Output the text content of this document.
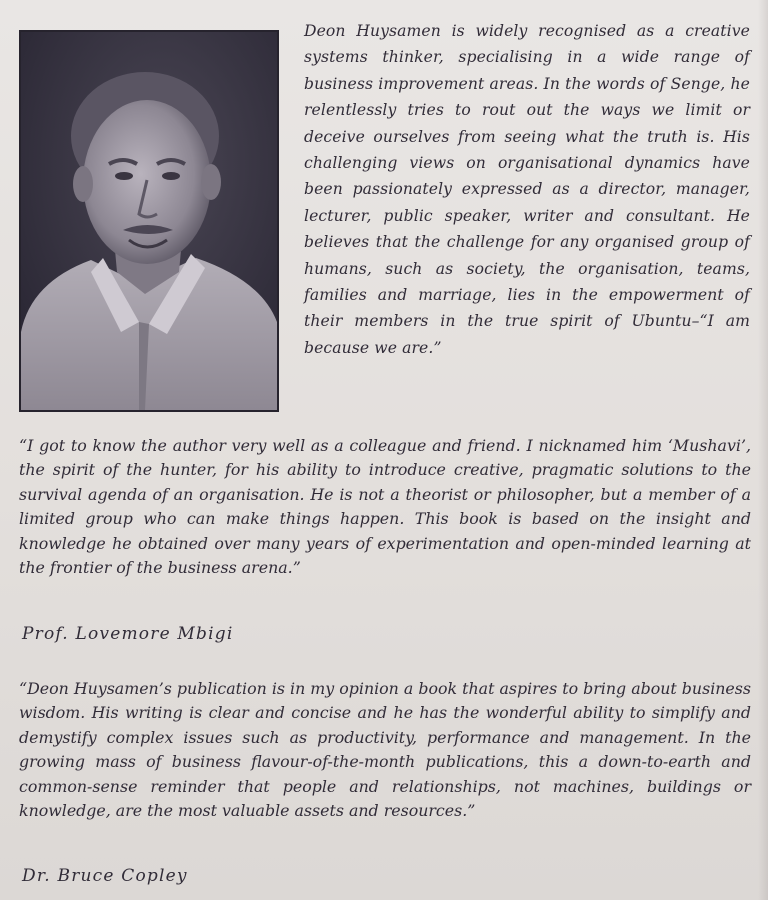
Deon Huysamen is widely recognised as a creative systems thinker, specialising in a wide range of business improvement areas. In the words of Senge, he relentlessly tries to rout out the ways we limit or deceive ourselves from seeing what the truth is. His challenging views on organisational dynamics have been passionately expressed as a director, manager, lecturer, public speaker, writer and consultant. He believes that the challenge for any organised group of humans, such as society, the organisation, teams, families and marriage, lies in the empowerment of their members in the true spirit of Ubuntu–“I am because we are.”

“I got to know the author very well as a colleague and friend. I nicknamed him ‘Mushavi’, the spirit of the hunter, for his ability to introduce creative, pragmatic solutions to the survival agenda of an organisation. He is not a theorist or philosopher, but a member of a limited group who can make things happen. This book is based on the insight and knowledge he obtained over many years of experimentation and open-minded learning at the frontier of the business arena.”

Prof. Lovemore Mbigi

“Deon Huysamen’s publication is in my opinion a book that aspires to bring about business wisdom. His writing is clear and concise and he has the wonderful ability to simplify and demystify complex issues such as productivity, performance and management. In the growing mass of business flavour-of-the-month publications, this a down-to-earth and common-sense reminder that people and relationships, not machines, buildings or knowledge, are the most valuable assets and resources.”

Dr. Bruce Copley
